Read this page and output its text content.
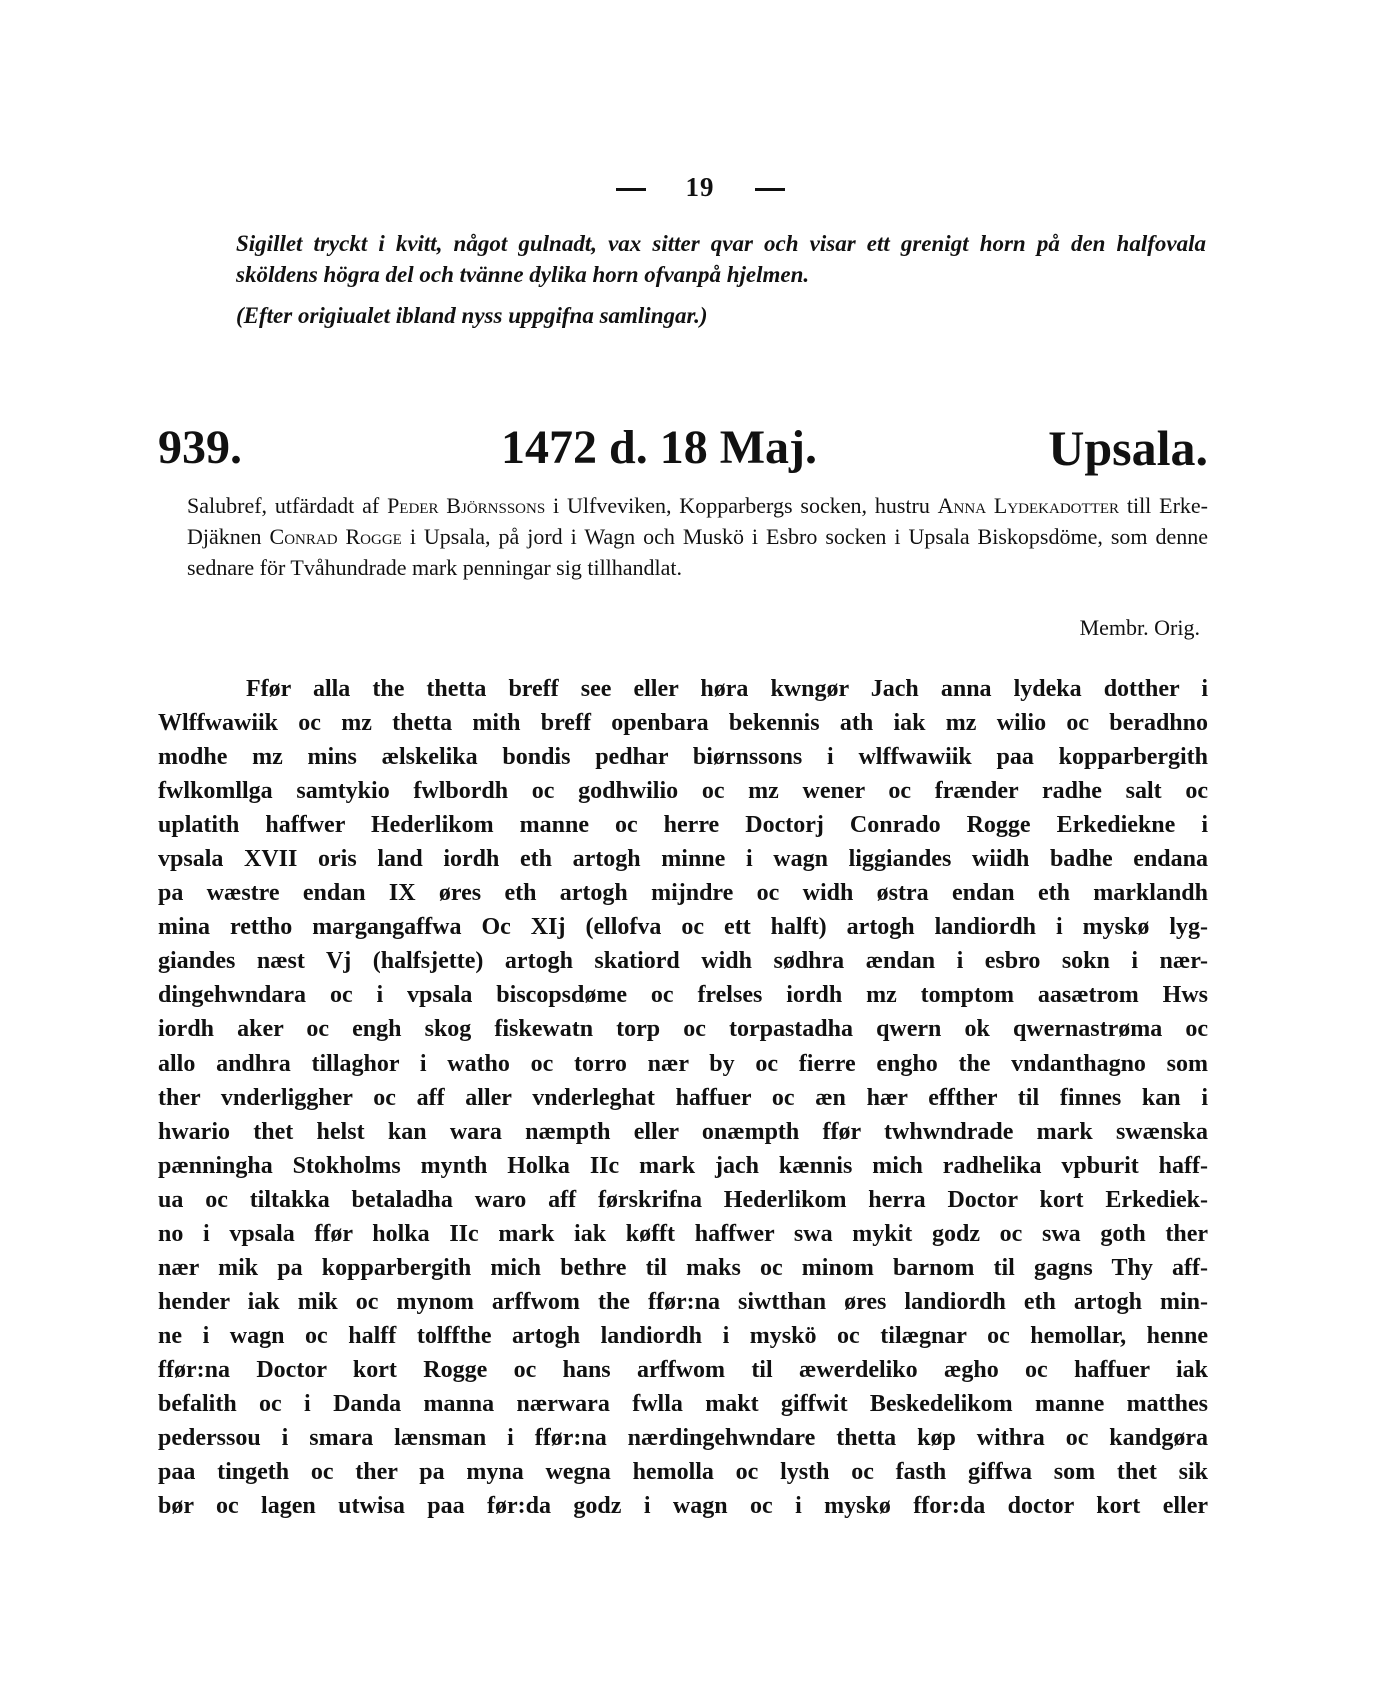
19
Sigillet tryckt i kvitt, något gulnadt, vax sitter qvar och visar ett grenigt horn på den halfovala sköldens högra del och tvänne dylika horn ofvanpå hjelmen.
(Efter origiualet ibland nyss uppgifna samlingar.)
939.	1472 d. 18 Maj.	Upsala.
Salubref, utfärdadt af Peder Björnssons i Ulfveviken, Kopparbergs socken, hustru Anna Lydekadotter till Erke-Djäknen Conrad Rogge i Upsala, på jord i Wagn och Muskö i Esbro socken i Upsala Biskopsdöme, som denne sednare för Tvåhundrade mark penningar sig tillhandlat.
Membr. Orig.
Ffør alla the thetta breff see eller høra kwngør Jach anna lydeka dotther i
Wlffwawiik oc mz thetta mith breff openbara bekennis ath iak mz wilio oc beradhno
modhe mz mins ælskelika bondis pedhar biørnssons i wlffwawiik paa kopparbergith
fwlkomllga samtykio fwlbordh oc godhwilio oc mz wener oc frænder radhe salt oc
uplatith haffwer Hederlikom manne oc herre Doctorj Conrado Rogge Erkediekne i
vpsala XVII oris land iordh eth artogh minne i wagn liggiandes wiidh badhe endana
pa wæstre endan IX øres eth artogh mijndre oc widh østra endan eth marklandh
mina rettho margangaffwa Oc XIj (ellofva oc ett halft) artogh landiordh i myskø lyg-
giandes næst Vj (halfsjette) artogh skatiord widh sødhra ændan i esbro sokn i nær-
dingehwndara oc i vpsala biscopsdøme oc frelses iordh mz tomptom aasætrom Hws
iordh aker oc engh skog fiskewatn torp oc torpastadha qwern ok qwernastrøma oc
allo andhra tillaghor i watho oc torro nær by oc fierre engho the vndanthagno som
ther vnderliggher oc aff aller vnderleghat haffuer oc æn hær effther til finnes kan i
hwario thet helst kan wara næmpth eller onæmpth ffør twhwndrade mark swænska
pænningha Stokholms mynth Holka IIc mark jach kænnis mich radhelika vpburit haff-
ua oc tiltakka betaladha waro aff førskrifna Hederlikom herra Doctor kort Erkediek-
no i vpsala ffør holka IIc mark iak køfft haffwer swa mykit godz oc swa goth ther
nær mik pa kopparbergith mich bethre til maks oc minom barnom til gagns Thy aff-
hender iak mik oc mynom arffwom the ffør:na siwtthan øres landiordh eth artogh min-
ne i wagn oc halff tolffthe artogh landiordh i myskö oc tilægnar oc hemollar, henne
ffør:na Doctor kort Rogge oc hans arffwom til æwerdeliko ægho oc haffuer iak
befalith oc i Danda manna nærwara fwlla makt giffwit Beskedelikom manne matthes
pederssou i smara lænsman i ffør:na nærdingehwndare thetta køp withra oc kandgøra
paa tingeth oc ther pa myna wegna hemolla oc lysth oc fasth giffwa som thet sik
bør oc lagen utwisa paa før:da godz i wagn oc i myskø ffor:da doctor kort eller
